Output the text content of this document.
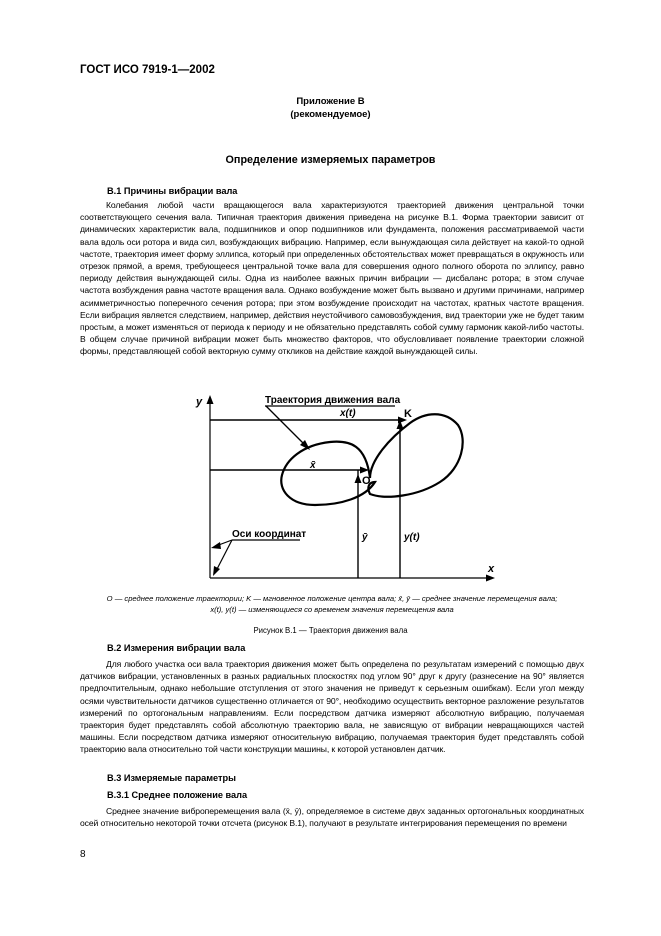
ГОСТ ИСО 7919-1—2002
Приложение В
(рекомендуемое)
Определение измеряемых параметров
В.1 Причины вибрации вала
Колебания любой части вращающегося вала характеризуются траекторией движения центральной точки соответствующего сечения вала. Типичная траектория движения приведена на рисунке В.1. Форма траектории зависит от динамических характеристик вала, подшипников и опор подшипников или фундамента, положения рассматриваемой части вала вдоль оси ротора и вида сил, возбуждающих вибрацию. Например, если вынуждающая сила действует на какой-то одной частоте, траектория имеет форму эллипса, который при определенных обстоятельствах может превращаться в окружность или отрезок прямой, а время, требующееся центральной точке вала для совершения одного полного оборота по эллипсу, равно периоду действия вынуждающей силы. Одна из наиболее важных причин вибрации — дисбаланс ротора; в этом случае частота возбуждения равна частоте вращения вала. Однако возбуждение может быть вызвано и другими причинами, например асимметричностью поперечного сечения ротора; при этом возбуждение происходит на частотах, кратных частоте вращения. Если вибрация является следствием, например, действия неустойчивого самовозбуждения, вид траектории уже не будет таким простым, а может изменяться от периода к периоду и не обязательно представлять собой сумму гармоник какой-либо частоты. В общем случае причиной вибрации может быть множество факторов, что обусловливает появление траектории сложной формы, представляющей собой векторную сумму откликов на действие каждой вынуждающей силы.
y
x
O
K
x̄
ȳ
x(t)
y(t)
Траектория движения вала
Оси координат
O — среднее положение траектории; K — мгновенное положение центра вала; x̄, ȳ — среднее значение перемещения вала;
x(t), y(t) — изменяющиеся со временем значения перемещения вала
Рисунок В.1 — Траектория движения вала
В.2 Измерения вибрации вала
Для любого участка оси вала траектория движения может быть определена по результатам измерений с помощью двух датчиков вибрации, установленных в разных радиальных плоскостях под углом 90° друг к другу (разнесение на 90° является предпочтительным, однако небольшие отступления от этого значения не приведут к серьезным ошибкам). Если угол между осями чувствительности датчиков существенно отличается от 90°, необходимо осуществить векторное разложение результатов измерений по ортогональным направлениям. Если посредством датчика измеряют абсолютную вибрацию, получаемая траектория будет представлять собой абсолютную траекторию вала, не зависящую от вибрации невращающихся частей машины. Если посредством датчика измеряют относительную вибрацию, получаемая траектория будет представлять собой траекторию вала относительно той части конструкции машины, к которой установлен датчик.
В.3 Измеряемые параметры
В.3.1 Среднее положение вала
Среднее значение виброперемещения вала (x̄, ȳ), определяемое в системе двух заданных ортогональных координатных осей относительно некоторой точки отсчета (рисунок В.1), получают в результате интегрирования перемещения по времени
8
